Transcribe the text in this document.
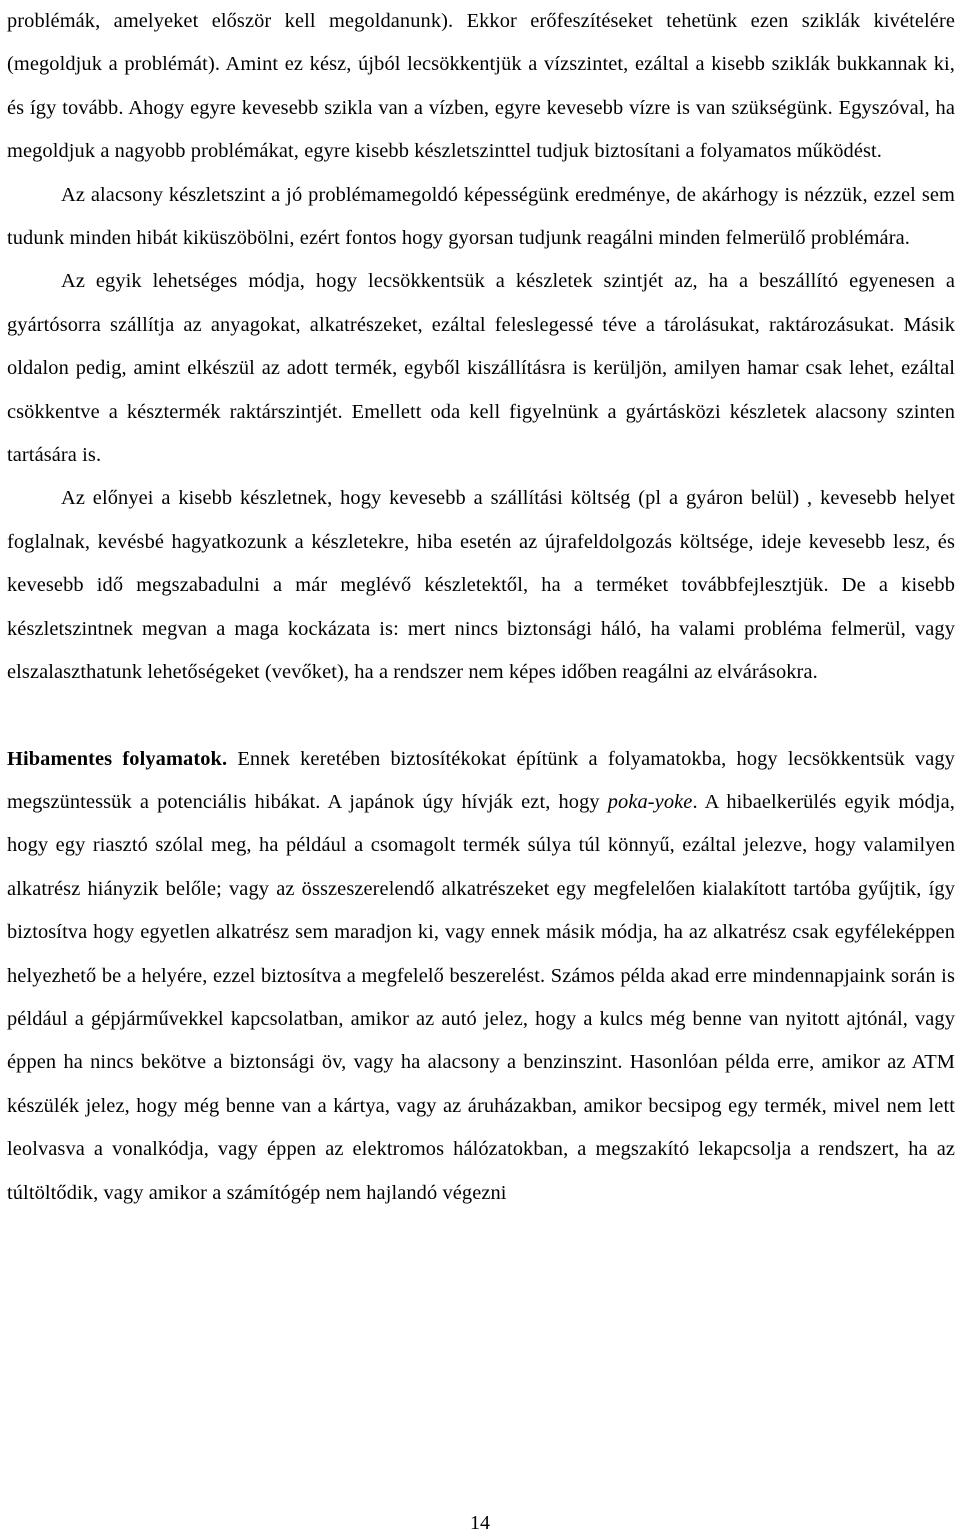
problémák, amelyeket először kell megoldanunk). Ekkor erőfeszítéseket tehetünk ezen sziklák kivételére (megoldjuk a problémát). Amint ez kész, újból lecsökkentjük a vízszintet, ezáltal a kisebb sziklák bukkannak ki, és így tovább. Ahogy egyre kevesebb szikla van a vízben, egyre kevesebb vízre is van szükségünk. Egyszóval, ha megoldjuk a nagyobb problémákat, egyre kisebb készletszinttel tudjuk biztosítani a folyamatos működést.

Az alacsony készletszint a jó problémamegoldó képességünk eredménye, de akárhogy is nézzük, ezzel sem tudunk minden hibát kiküszöbölni, ezért fontos hogy gyorsan tudjunk reagálni minden felmerülő problémára.

Az egyik lehetséges módja, hogy lecsökkentsük a készletek szintjét az, ha a beszállító egyenesen a gyártósorra szállítja az anyagokat, alkatrészeket, ezáltal feleslegessé téve a tárolásukat, raktározásukat. Másik oldalon pedig, amint elkészül az adott termék, egyből kiszállításra is kerüljön, amilyen hamar csak lehet, ezáltal csökkentve a késztermék raktárszintjét. Emellett oda kell figyelnünk a gyártásközi készletek alacsony szinten tartására is.

Az előnyei a kisebb készletnek, hogy kevesebb a szállítási költség (pl a gyáron belül) , kevesebb helyet foglalnak, kevésbé hagyatkozunk a készletekre, hiba esetén az újrafeldolgozás költsége, ideje kevesebb lesz, és kevesebb idő megszabadulni a már meglévő készletektől, ha a terméket továbbfejlesztjük. De a kisebb készletszintnek megvan a maga kockázata is: mert nincs biztonsági háló, ha valami probléma felmerül, vagy elszalaszthatunk lehetőségeket (vevőket), ha a rendszer nem képes időben reagálni az elvárásokra.

Hibamentes folyamatok. Ennek keretében biztosítékokat építünk a folyamatokba, hogy lecsökkentsük vagy megszüntessük a potenciális hibákat. A japánok úgy hívják ezt, hogy poka-yoke. A hibaelkerülés egyik módja, hogy egy riasztó szólal meg, ha például a csomagolt termék súlya túl könnyű, ezáltal jelezve, hogy valamilyen alkatrész hiányzik belőle; vagy az összeszerelendő alkatrészeket egy megfelelően kialakított tartóba gyűjtik, így biztosítva hogy egyetlen alkatrész sem maradjon ki, vagy ennek másik módja, ha az alkatrész csak egyféleképpen helyezhető be a helyére, ezzel biztosítva a megfelelő beszerelést. Számos példa akad erre mindennapjaink során is például a gépjárművekkel kapcsolatban, amikor az autó jelez, hogy a kulcs még benne van nyitott ajtónál, vagy éppen ha nincs bekötve a biztonsági öv, vagy ha alacsony a benzinszint. Hasonlóan példa erre, amikor az ATM készülék jelez, hogy még benne van a kártya, vagy az áruházakban, amikor becsipog egy termék, mivel nem lett leolvasva a vonalkódja, vagy éppen az elektromos hálózatokban, a megszakító lekapcsolja a rendszert, ha az túltöltődik, vagy amikor a számítógép nem hajlandó végezni

14
